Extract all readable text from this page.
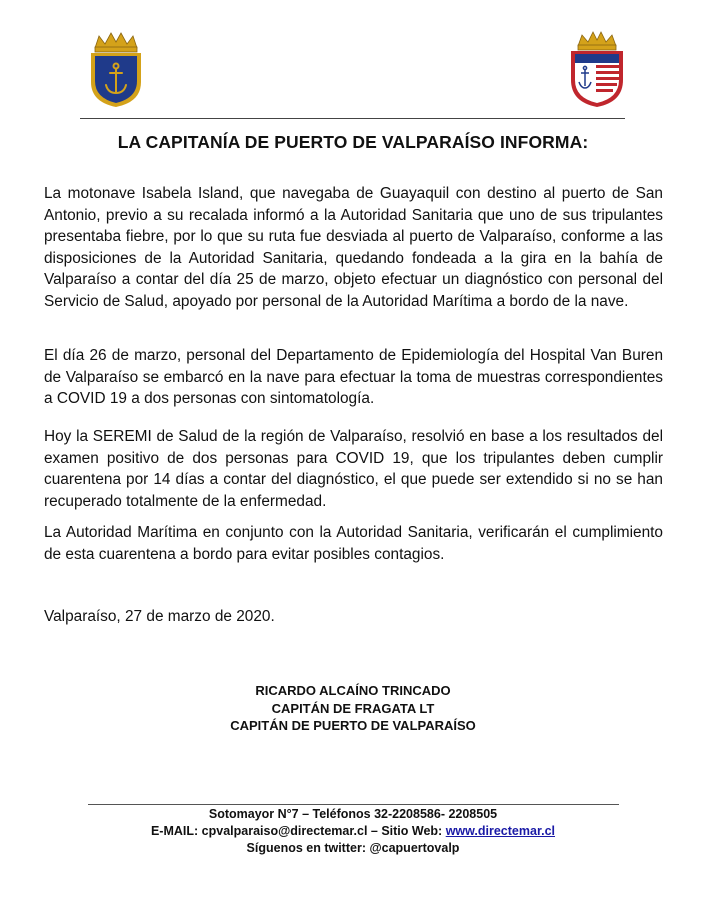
LA CAPITANÍA DE PUERTO DE VALPARAÍSO INFORMA:
La motonave Isabela Island, que navegaba de Guayaquil con destino al puerto de San Antonio, previo a su recalada informó a la Autoridad Sanitaria que uno de sus tripulantes presentaba fiebre, por lo que su ruta fue desviada al puerto de Valparaíso, conforme a las disposiciones de la Autoridad Sanitaria, quedando fondeada a la gira en la bahía de Valparaíso a contar del día 25 de marzo, objeto efectuar un diagnóstico con personal del Servicio de Salud, apoyado por personal de la Autoridad Marítima a bordo de la nave.
El día 26 de marzo, personal del Departamento de Epidemiología del Hospital Van Buren de Valparaíso se embarcó en la nave para efectuar la toma de muestras correspondientes a COVID 19 a dos personas con sintomatología.
Hoy la SEREMI de Salud de la región de Valparaíso, resolvió en base a los resultados del examen positivo de dos personas para COVID 19, que los tripulantes deben cumplir cuarentena por 14 días a contar del diagnóstico, el que puede ser extendido si no se han recuperado totalmente de la enfermedad.
La Autoridad Marítima en conjunto con la Autoridad Sanitaria, verificarán el cumplimiento de esta cuarentena a bordo para evitar posibles contagios.
Valparaíso, 27 de marzo de 2020.
RICARDO ALCAÍNO TRINCADO
CAPITÁN DE FRAGATA LT
CAPITÁN DE PUERTO DE VALPARAÍSO
Sotomayor N°7 – Teléfonos 32-2208586- 2208505
E-MAIL: cpvalparaiso@directemar.cl – Sitio Web: www.directemar.cl
Síguenos en twitter: @capuertovalp
